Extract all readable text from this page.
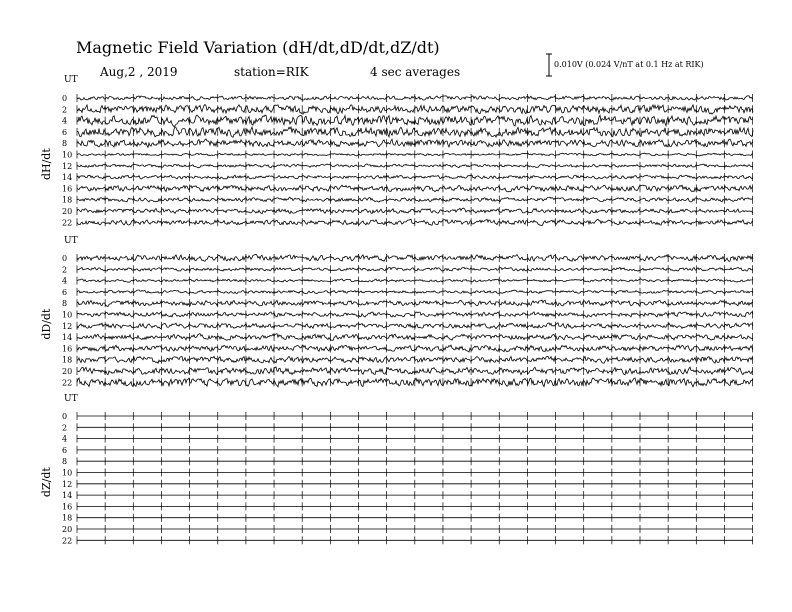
Magnetic Field Variation (dH/dt,dD/dt,dZ/dt)
Aug,2 , 2019	station=RIK	4 sec averages
0.010V (0.024 V/nT at 0.1 Hz at RIK)
UT
dH/dt
0
2
4
6
8
10
12
14
16
18
20
22
UT
dD/dt
0
2
4
6
8
10
12
14
16
18
20
22
UT
dZ/dt
0
2
4
6
8
10
12
14
16
18
20
22
